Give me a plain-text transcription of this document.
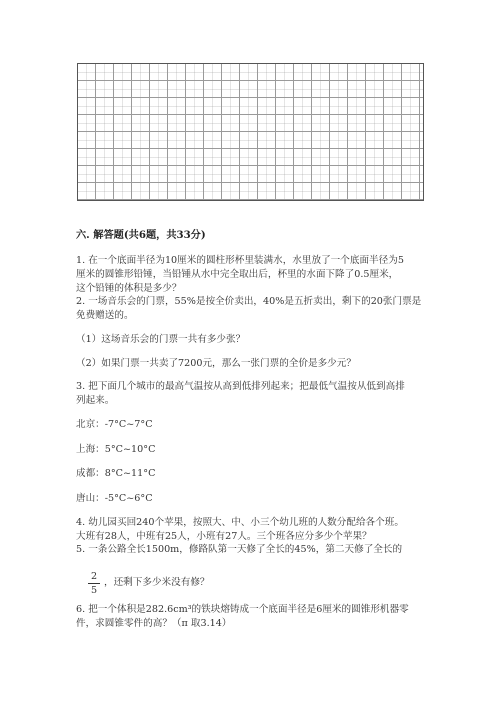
六. 解答题(共6题，共33分)
1. 在一个底面半径为10厘米的圆柱形杯里装满水，水里放了一个底面半径为5
厘米的圆锥形铅锤，当铅锤从水中完全取出后，杯里的水面下降了0.5厘米，
这个铅锤的体积是多少？
2. 一场音乐会的门票，55%是按全价卖出，40%是五折卖出，剩下的20张门票是
免费赠送的。
（1）这场音乐会的门票一共有多少张？
（2）如果门票一共卖了7200元，那么一张门票的全价是多少元？
3. 把下面几个城市的最高气温按从高到低排列起来；把最低气温按从低到高排
列起来。
北京：-7°C~7°C
上海：5°C~10°C
成都：8°C~11°C
唐山：-5°C~6°C
4. 幼儿园买回240个苹果，按照大、中、小三个幼儿班的人数分配给各个班。
大班有28人，中班有25人，小班有27人。三个班各应分多少个苹果？
5. 一条公路全长1500m，修路队第一天修了全长的45%，第二天修了全长的
$\frac{2}{5}$ ，还剩下多少米没有修？
6. 把一个体积是282.6cm³的铁块熔铸成一个底面半径是6厘米的圆锥形机器零
件，求圆锥零件的高？（π 取3.14）
